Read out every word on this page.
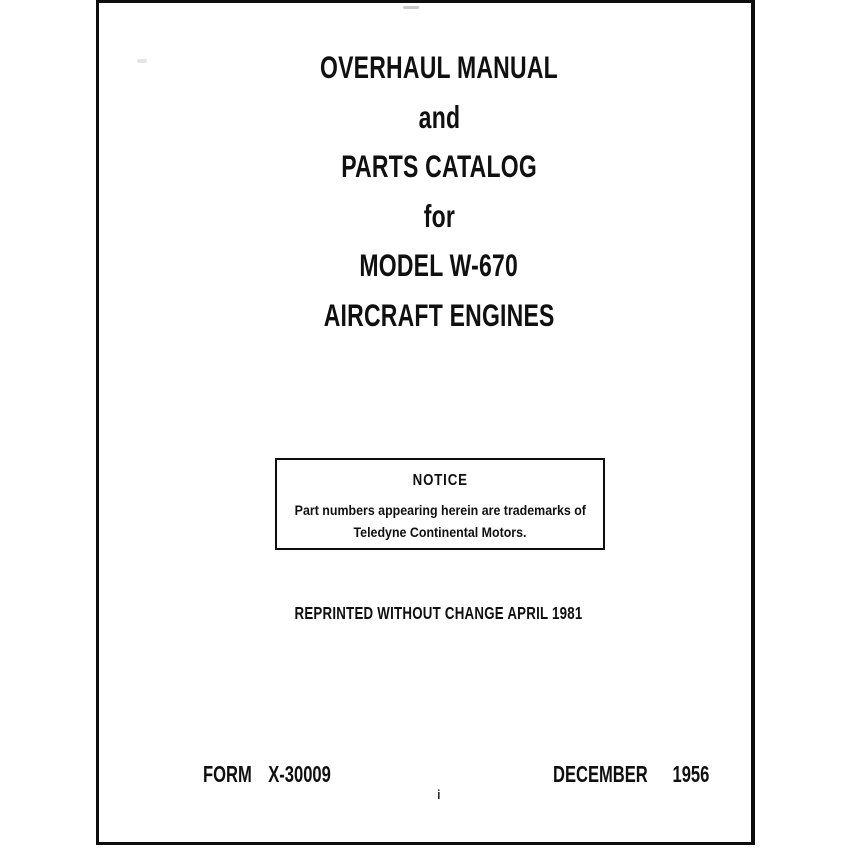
OVERHAUL MANUAL
and
PARTS CATALOG
for
MODEL W-670
AIRCRAFT ENGINES
NOTICE
Part numbers appearing herein are trademarks of
Teledyne Continental Motors.
REPRINTED WITHOUT CHANGE APRIL 1981
FORM  X-30009	DECEMBER   1956
i
